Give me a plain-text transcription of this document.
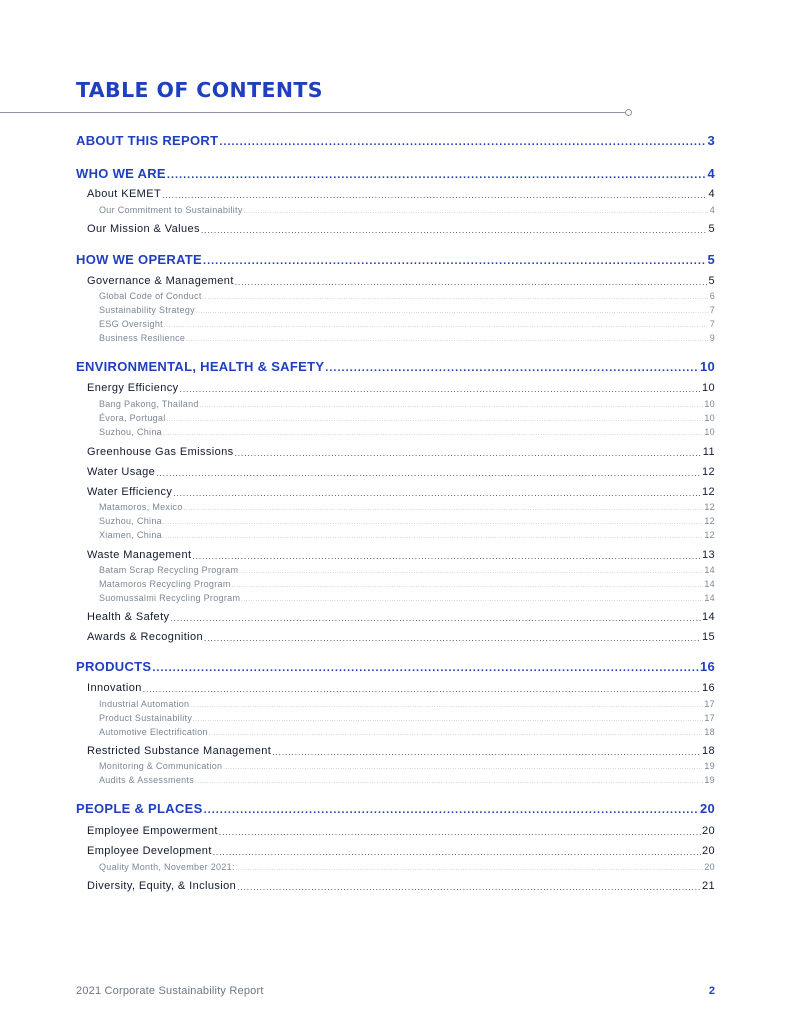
TABLE OF CONTENTS
ABOUT THIS REPORT .....	3
WHO WE ARE .....	4
About KEMET .....	4
Our Commitment to Sustainability .....	4
Our Mission & Values .....	5
HOW WE OPERATE .....	5
Governance & Management .....	5
Global Code of Conduct .....	6
Sustainability Strategy .....	7
ESG Oversight .....	7
Business Resilience .....	9
ENVIRONMENTAL, HEALTH & SAFETY .....	10
Energy Efficiency .....	10
Bang Pakong, Thailand .....	10
Évora, Portugal .....	10
Suzhou, China .....	10
Greenhouse Gas Emissions .....	11
Water Usage .....	12
Water Efficiency .....	12
Matamoros, Mexico .....	12
Suzhou, China .....	12
Xiamen, China .....	12
Waste Management .....	13
Batam Scrap Recycling Program .....	14
Matamoros Recycling Program .....	14
Suomussalmi Recycling Program .....	14
Health & Safety .....	14
Awards & Recognition .....	15
PRODUCTS .....	16
Innovation .....	16
Industrial Automation .....	17
Product Sustainability .....	17
Automotive Electrification .....	18
Restricted Substance Management .....	18
Monitoring & Communication .....	19
Audits & Assessments .....	19
PEOPLE & PLACES .....	20
Employee Empowerment .....	20
Employee Development .....	20
Quality Month, November 2021: .....	20
Diversity, Equity, & Inclusion .....	21
2021 Corporate Sustainability Report	2
